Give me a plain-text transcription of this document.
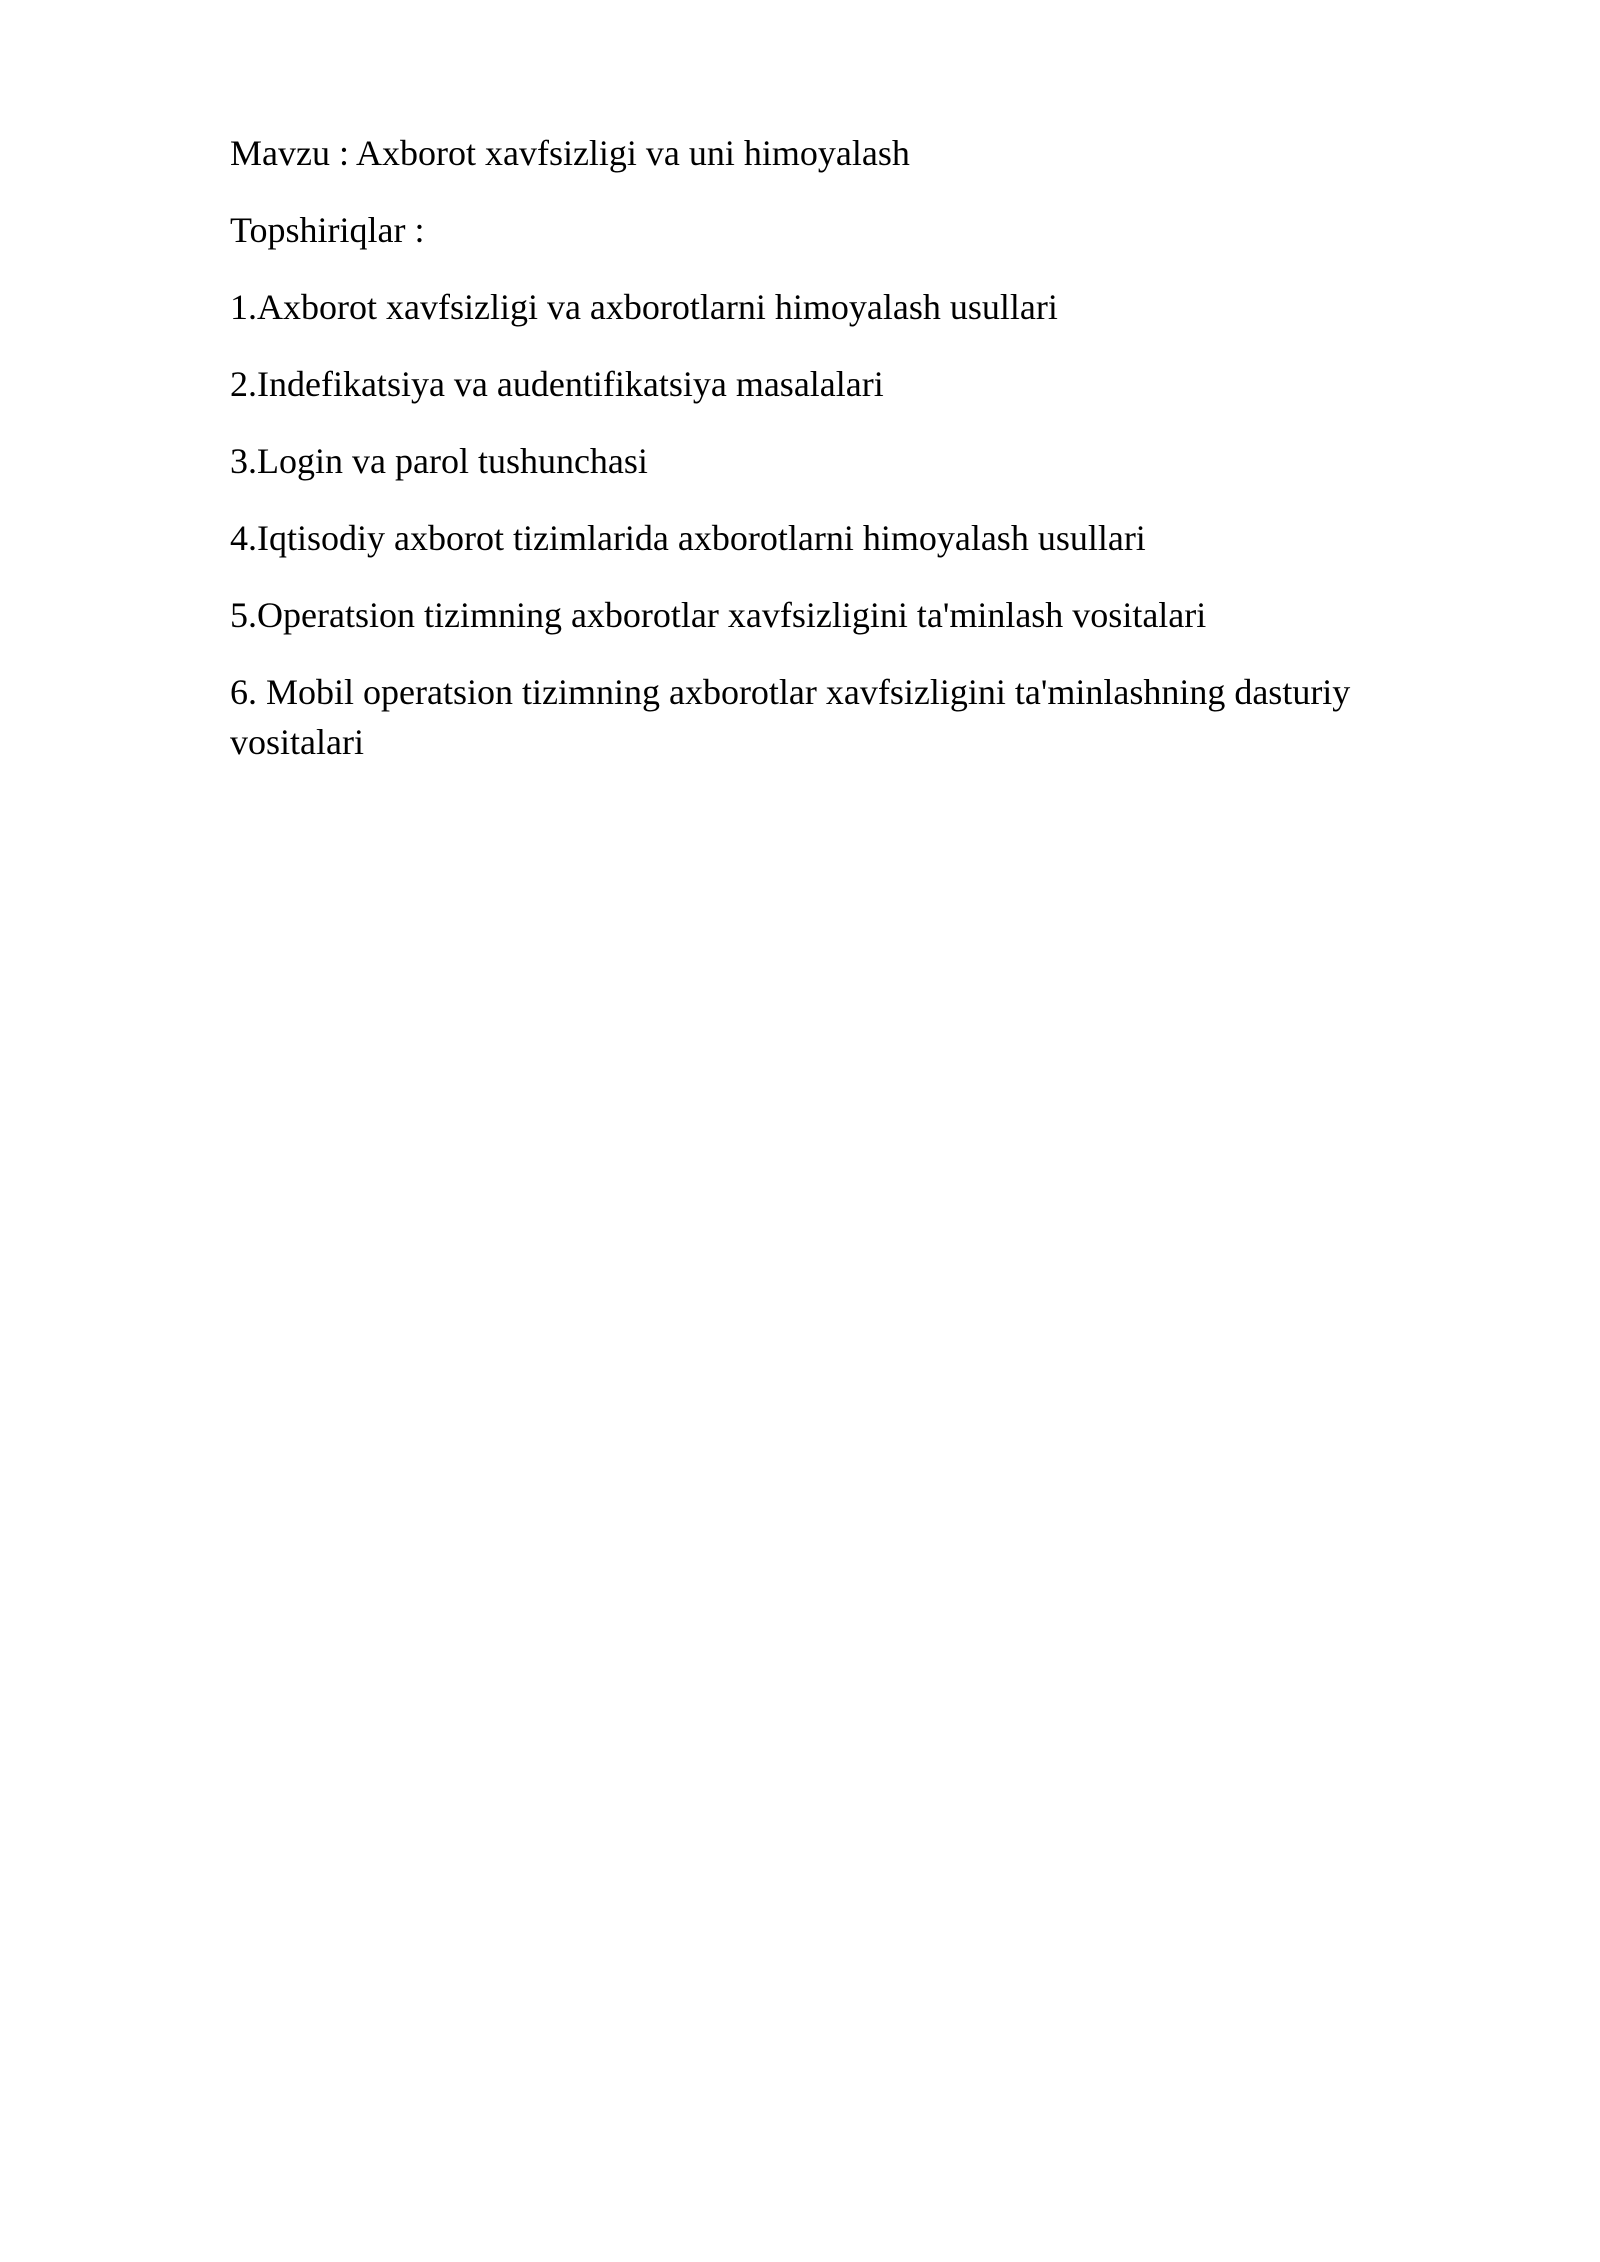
Mavzu : Axborot xavfsizligi va uni himoyalash

Topshiriqlar :

1.Axborot xavfsizligi va axborotlarni himoyalash usullari

2.Indefikatsiya va audentifikatsiya masalalari

3.Login va parol tushunchasi

4.Iqtisodiy axborot tizimlarida axborotlarni himoyalash usullari

5.Operatsion tizimning axborotlar xavfsizligini ta'minlash vositalari

6. Mobil operatsion tizimning axborotlar xavfsizligini ta'minlashning dasturiy vositalari
